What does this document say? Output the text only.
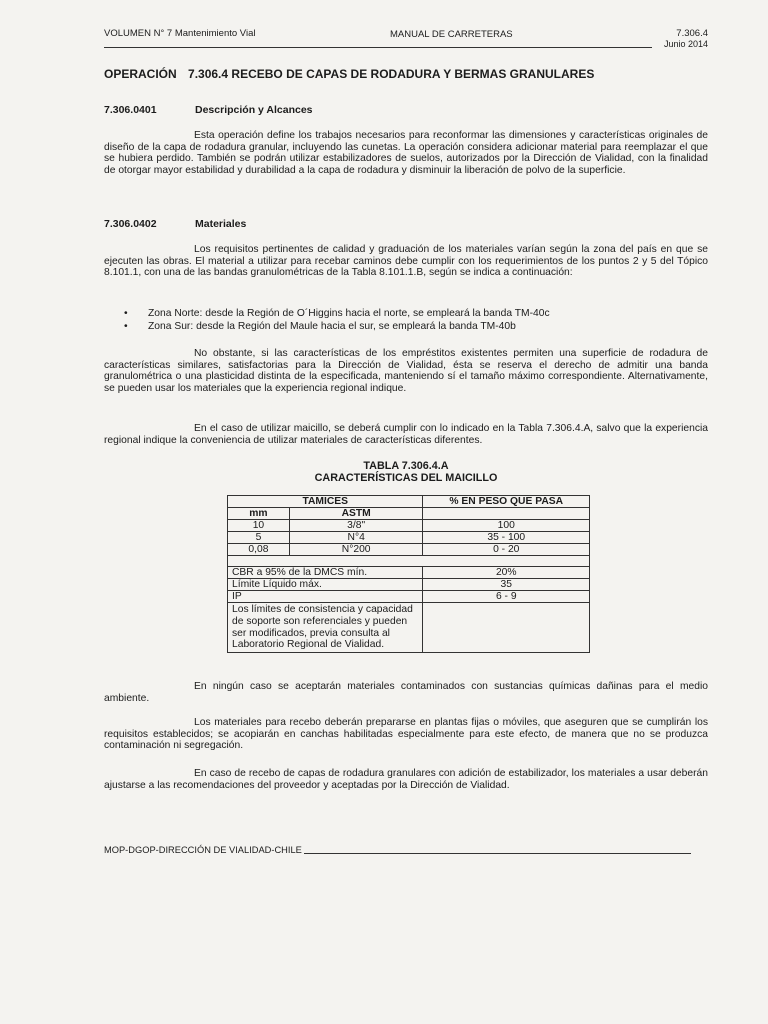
VOLUMEN N° 7 Mantenimiento Vial	MANUAL DE CARRETERAS	7.306.4
Junio 2014
OPERACIÓN 7.306.4 RECEBO DE CAPAS DE RODADURA Y BERMAS GRANULARES
7.306.0401	Descripción y Alcances

Esta operación define los trabajos necesarios para reconformar las dimensiones y características originales de diseño de la capa de rodadura granular, incluyendo las cunetas. La operación considera adicionar material para reemplazar el que se hubiera perdido. También se podrán utilizar estabilizadores de suelos, autorizados por la Dirección de Vialidad, con la finalidad de otorgar mayor estabilidad y durabilidad a la capa de rodadura y disminuir la liberación de polvo de la superficie.

7.306.0402	Materiales

Los requisitos pertinentes de calidad y graduación de los materiales varían según la zona del país en que se ejecuten las obras. El material a utilizar para recebar caminos debe cumplir con los requerimientos de los puntos 2 y 5 del Tópico 8.101.1, con una de las bandas granulométricas de la Tabla 8.101.1.B, según se indica a continuación:

• Zona Norte: desde la Región de O´Higgins hacia el norte, se empleará la banda TM-40c
• Zona Sur: desde la Región del Maule hacia el sur, se empleará la banda TM-40b

No obstante, si las características de los empréstitos existentes permiten una superficie de rodadura de características similares, satisfactorias para la Dirección de Vialidad, ésta se reserva el derecho de admitir una banda granulométrica o una plasticidad distinta de la especificada, manteniendo sí el tamaño máximo correspondiente. Alternativamente, se pueden usar los materiales que la experiencia regional indique.

En el caso de utilizar maicillo, se deberá cumplir con lo indicado en la Tabla 7.306.4.A, salvo que la experiencia regional indique la conveniencia de utilizar materiales de características diferentes.

TABLA 7.306.4.A
CARACTERÍSTICAS DEL MAICILLO
TAMICES		% EN PESO QUE PASA
mm	ASTM	
10	3/8"	100
5	N°4	35 - 100
0,08	N°200	0 - 20

CBR a 95% de la DMCS mín.		20%
Límite Líquido máx.		35
IP		6 - 9
Los límites de consistencia y capacidad de soporte son referenciales y pueden ser modificados, previa consulta al Laboratorio Regional de Vialidad.		

En ningún caso se aceptarán materiales contaminados con sustancias químicas dañinas para el medio ambiente.

Los materiales para recebo deberán prepararse en plantas fijas o móviles, que aseguren que se cumplirán los requisitos establecidos; se acopiarán en canchas habilitadas especialmente para este efecto, de manera que no se produzca contaminación ni segregación.

En caso de recebo de capas de rodadura granulares con adición de estabilizador, los materiales a usar deberán ajustarse a las recomendaciones del proveedor y aceptadas por la Dirección de Vialidad.

MOP-DGOP-DIRECCIÓN DE VIALIDAD-CHILE
